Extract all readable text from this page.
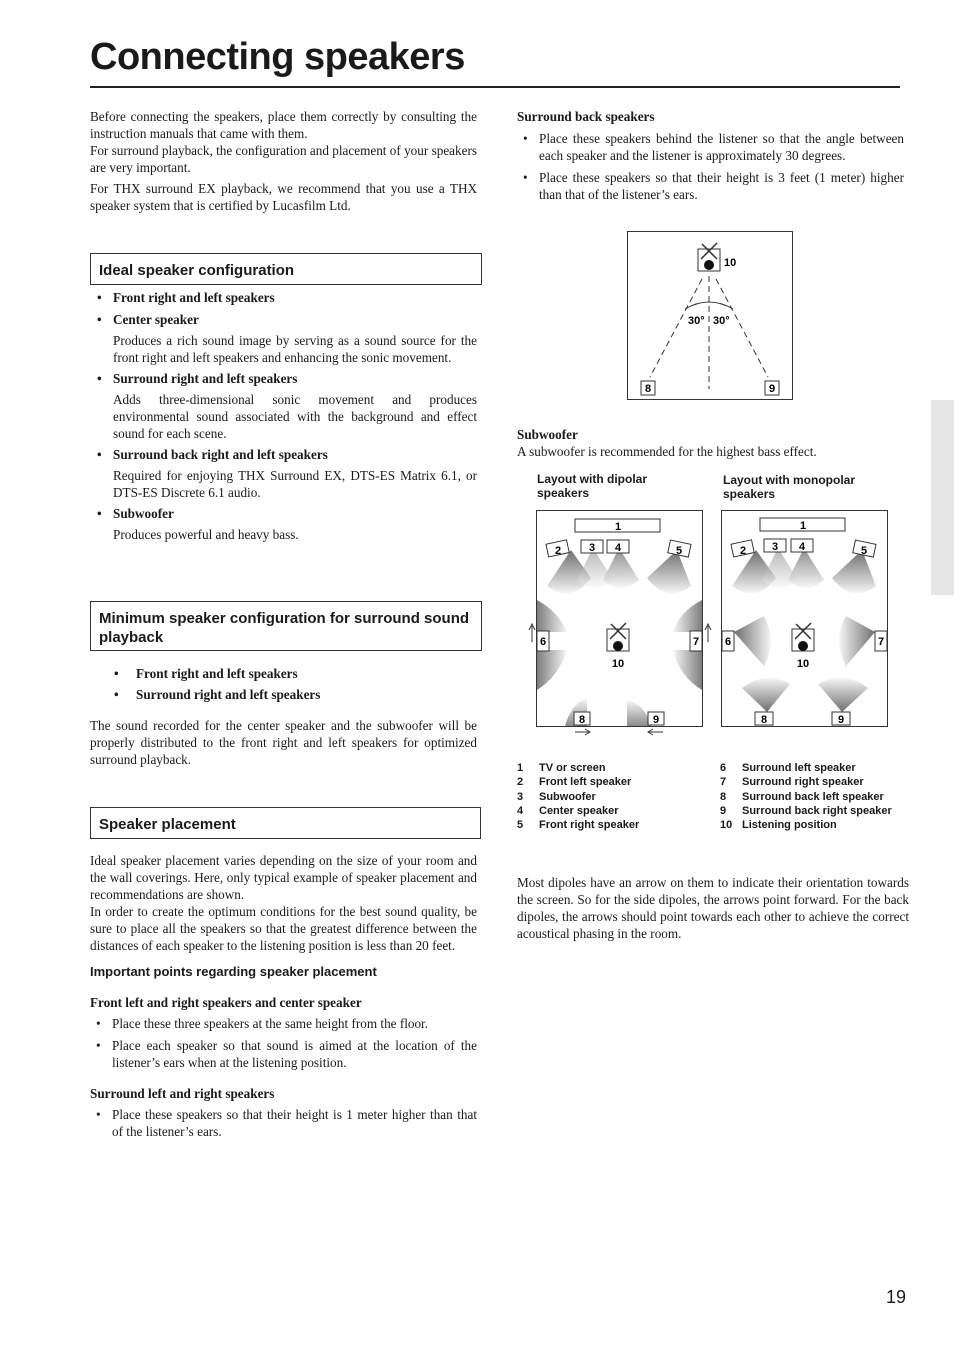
Connecting speakers

Before connecting the speakers, place them correctly by consulting the instruction manuals that came with them.

For surround playback, the configuration and placement of your speakers are very important.

For THX surround EX playback, we recommend that you use a THX speaker system that is certified by Lucasfilm Ltd.

Ideal speaker configuration
• Front right and left speakers
• Center speaker

Produces a rich sound image by serving as a sound source for the front right and left speakers and enhancing the sonic movement.

• Surround right and left speakers

Adds three-dimensional sonic movement and produces environmental sound associated with the background and effect sound for each scene.

• Surround back right and left speakers

Required for enjoying THX Surround EX, DTS-ES Matrix 6.1, or DTS-ES Discrete 6.1 audio.

• Subwoofer

Produces powerful and heavy bass.

Minimum speaker configuration for surround sound playback
• Front right and left speakers
• Surround right and left speakers

The sound recorded for the center speaker and the subwoofer will be properly distributed to the front right and left speakers for optimized surround playback.

Speaker placement

Ideal speaker placement varies depending on the size of your room and the wall coverings. Here, only typical example of speaker placement and recommendations are shown.

In order to create the optimum conditions for the best sound quality, be sure to place all the speakers so that the greatest difference between the distances of each speaker to the listening position is less than 20 feet.

Important points regarding speaker placement

Front left and right speakers and center speaker

• Place these three speakers at the same height from the floor.
• Place each speaker so that sound is aimed at the location of the listener’s ears when at the listening position.

Surround left and right speakers

• Place these speakers so that their height is 1 meter higher than that of the listener’s ears.

Surround back speakers

• Place these speakers behind the listener so that the angle between each speaker and the listener is approximately 30 degrees.
• Place these speakers so that their height is 3 feet (1 meter) higher than that of the listener’s ears.
10
30° 30°
8	9

Subwoofer

A subwoofer is recommended for the highest bass effect.

Layout with dipolar speakers
Layout with monopolar speakers
1
2	3 4	5
6	7
8	9
10
1
2 3 4	5
6	7
8	9
10
1 TV or screen
2 Front left speaker
3 Subwoofer
4 Center speaker
5 Front right speaker
6 Surround left speaker
7 Surround right speaker
8 Surround back left speaker
9 Surround back right speaker
10 Listening position
Most dipoles have an arrow on them to indicate their orientation towards the screen. So for the side dipoles, the arrows point forward. For the back dipoles, the arrows should point towards each other to achieve the correct acoustical phasing in the room.
19
